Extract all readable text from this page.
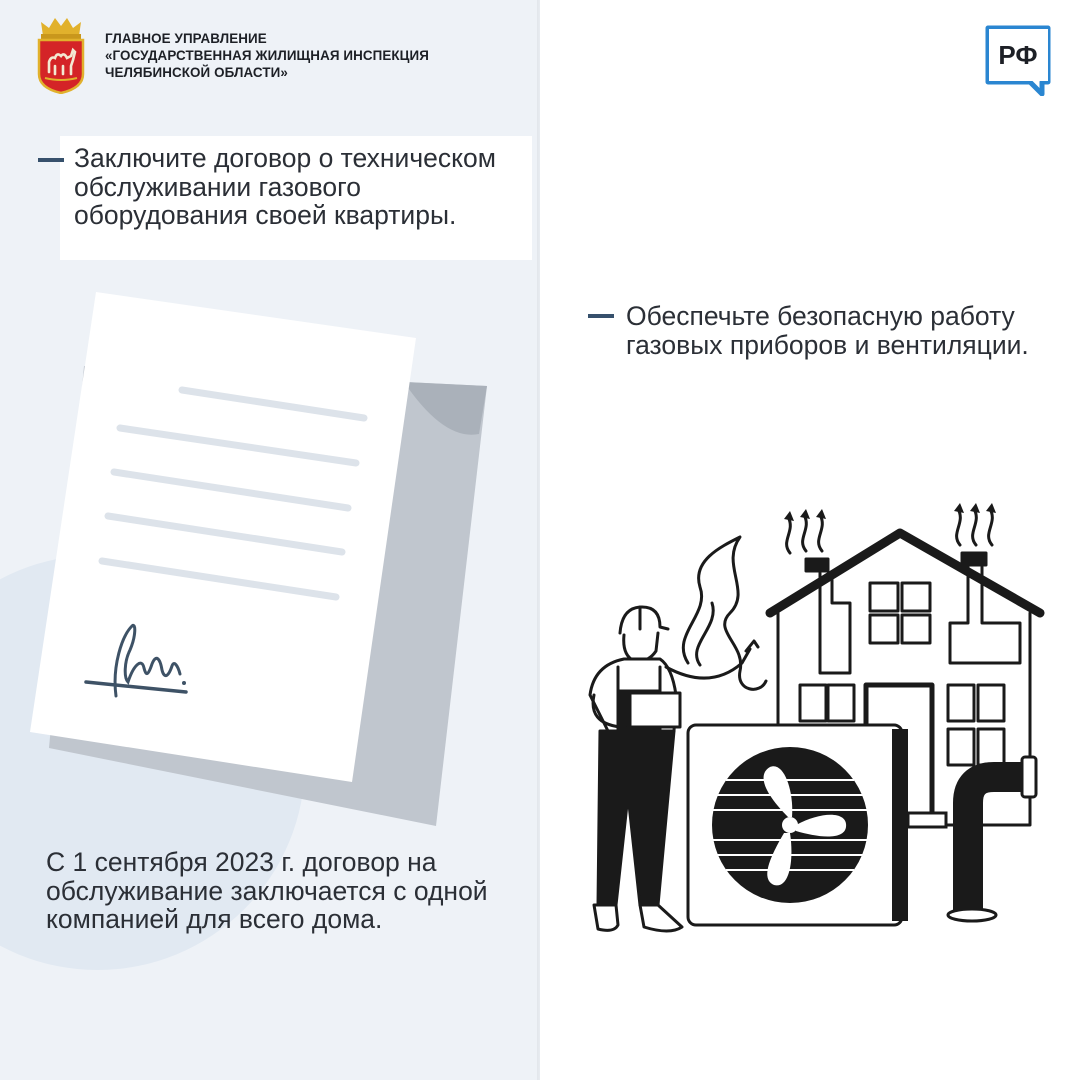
ГЛАВНОЕ УПРАВЛЕНИЕ
«ГОСУДАРСТВЕННАЯ ЖИЛИЩНАЯ ИНСПЕКЦИЯ
ЧЕЛЯБИНСКОЙ ОБЛАСТИ»
Заключите договор о техническом обслуживании газового оборудования своей квартиры.
С 1 сентября 2023 г. договор на обслуживание заключается с одной компанией для всего дома.
РФ
Обеспечьте безопасную работу газовых приборов и вентиляции.
